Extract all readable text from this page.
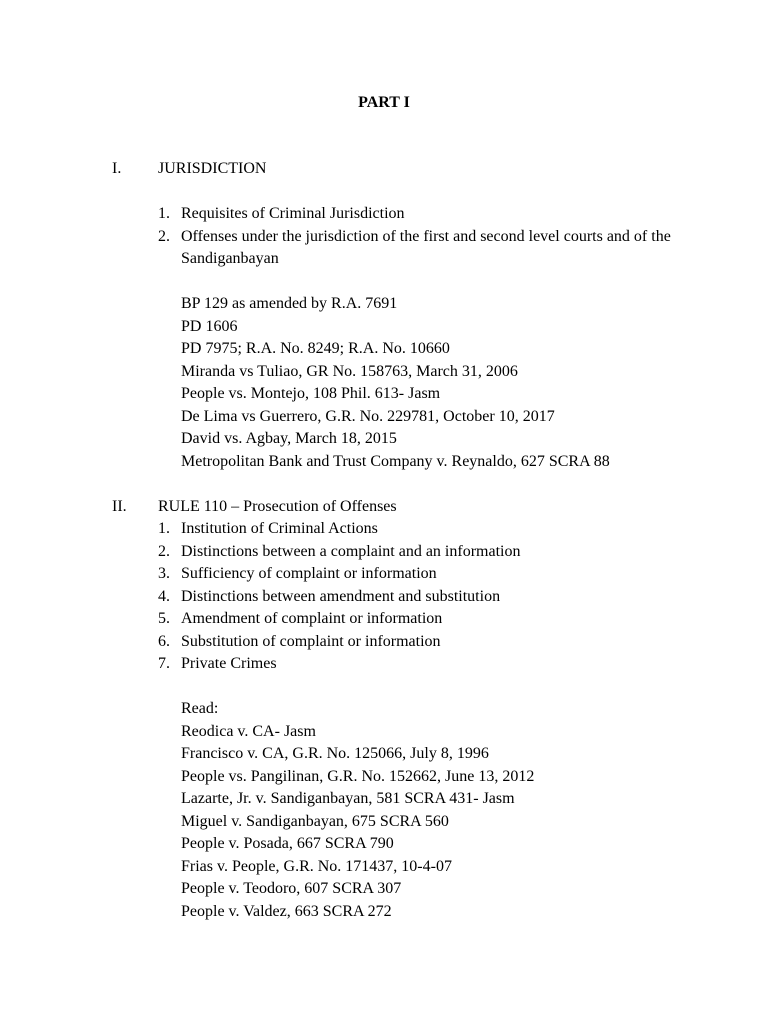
PART I
I. JURISDICTION
1. Requisites of Criminal Jurisdiction
2. Offenses under the jurisdiction of the first and second level courts and of the Sandiganbayan
BP 129 as amended by R.A. 7691
PD 1606
PD 7975; R.A. No. 8249; R.A. No. 10660
Miranda vs Tuliao, GR No. 158763, March 31, 2006
People vs. Montejo, 108 Phil. 613- Jasm
De Lima vs Guerrero, G.R. No. 229781, October 10, 2017
David vs. Agbay, March 18, 2015
Metropolitan Bank and Trust Company v. Reynaldo, 627 SCRA 88
II. RULE 110 – Prosecution of Offenses
1. Institution of Criminal Actions
2. Distinctions between a complaint and an information
3. Sufficiency of complaint or information
4. Distinctions between amendment and substitution
5. Amendment of complaint or information
6. Substitution of complaint or information
7. Private Crimes
Read:
Reodica v. CA- Jasm
Francisco v. CA, G.R. No. 125066, July 8, 1996
People vs. Pangilinan, G.R. No. 152662, June 13, 2012
Lazarte, Jr. v. Sandiganbayan, 581 SCRA 431- Jasm
Miguel v. Sandiganbayan, 675 SCRA 560
People v. Posada, 667 SCRA 790
Frias v. People, G.R. No. 171437, 10-4-07
People v. Teodoro, 607 SCRA 307
People v. Valdez, 663 SCRA 272
